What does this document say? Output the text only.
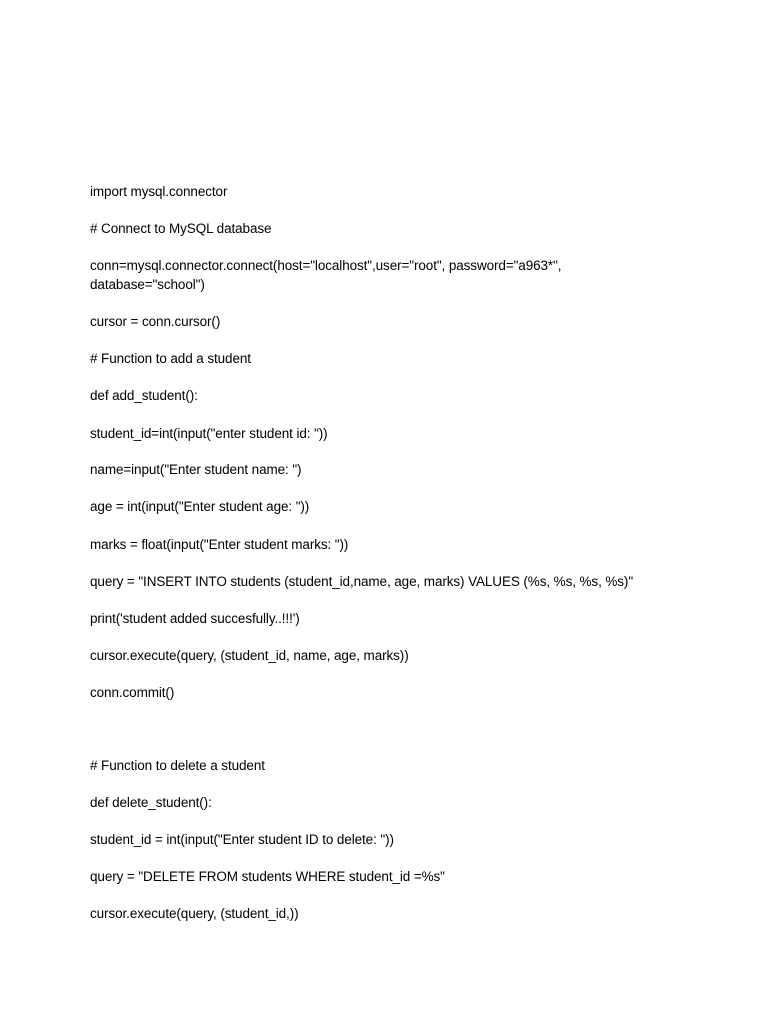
import mysql.connector
# Connect to MySQL database
conn=mysql.connector.connect(host="localhost",user="root", password="a963*",
database="school")
cursor = conn.cursor()
# Function to add a student
def add_student():
student_id=int(input("enter student id: "))
name=input("Enter student name: ")
age = int(input("Enter student age: "))
marks = float(input("Enter student marks: "))
query = "INSERT INTO students (student_id,name, age, marks) VALUES (%s, %s, %s, %s)"
print('student added succesfully..!!!')
cursor.execute(query, (student_id, name, age, marks))
conn.commit()
# Function to delete a student
def delete_student():
student_id = int(input("Enter student ID to delete: "))
query = "DELETE FROM students WHERE student_id =%s"
cursor.execute(query, (student_id,))
